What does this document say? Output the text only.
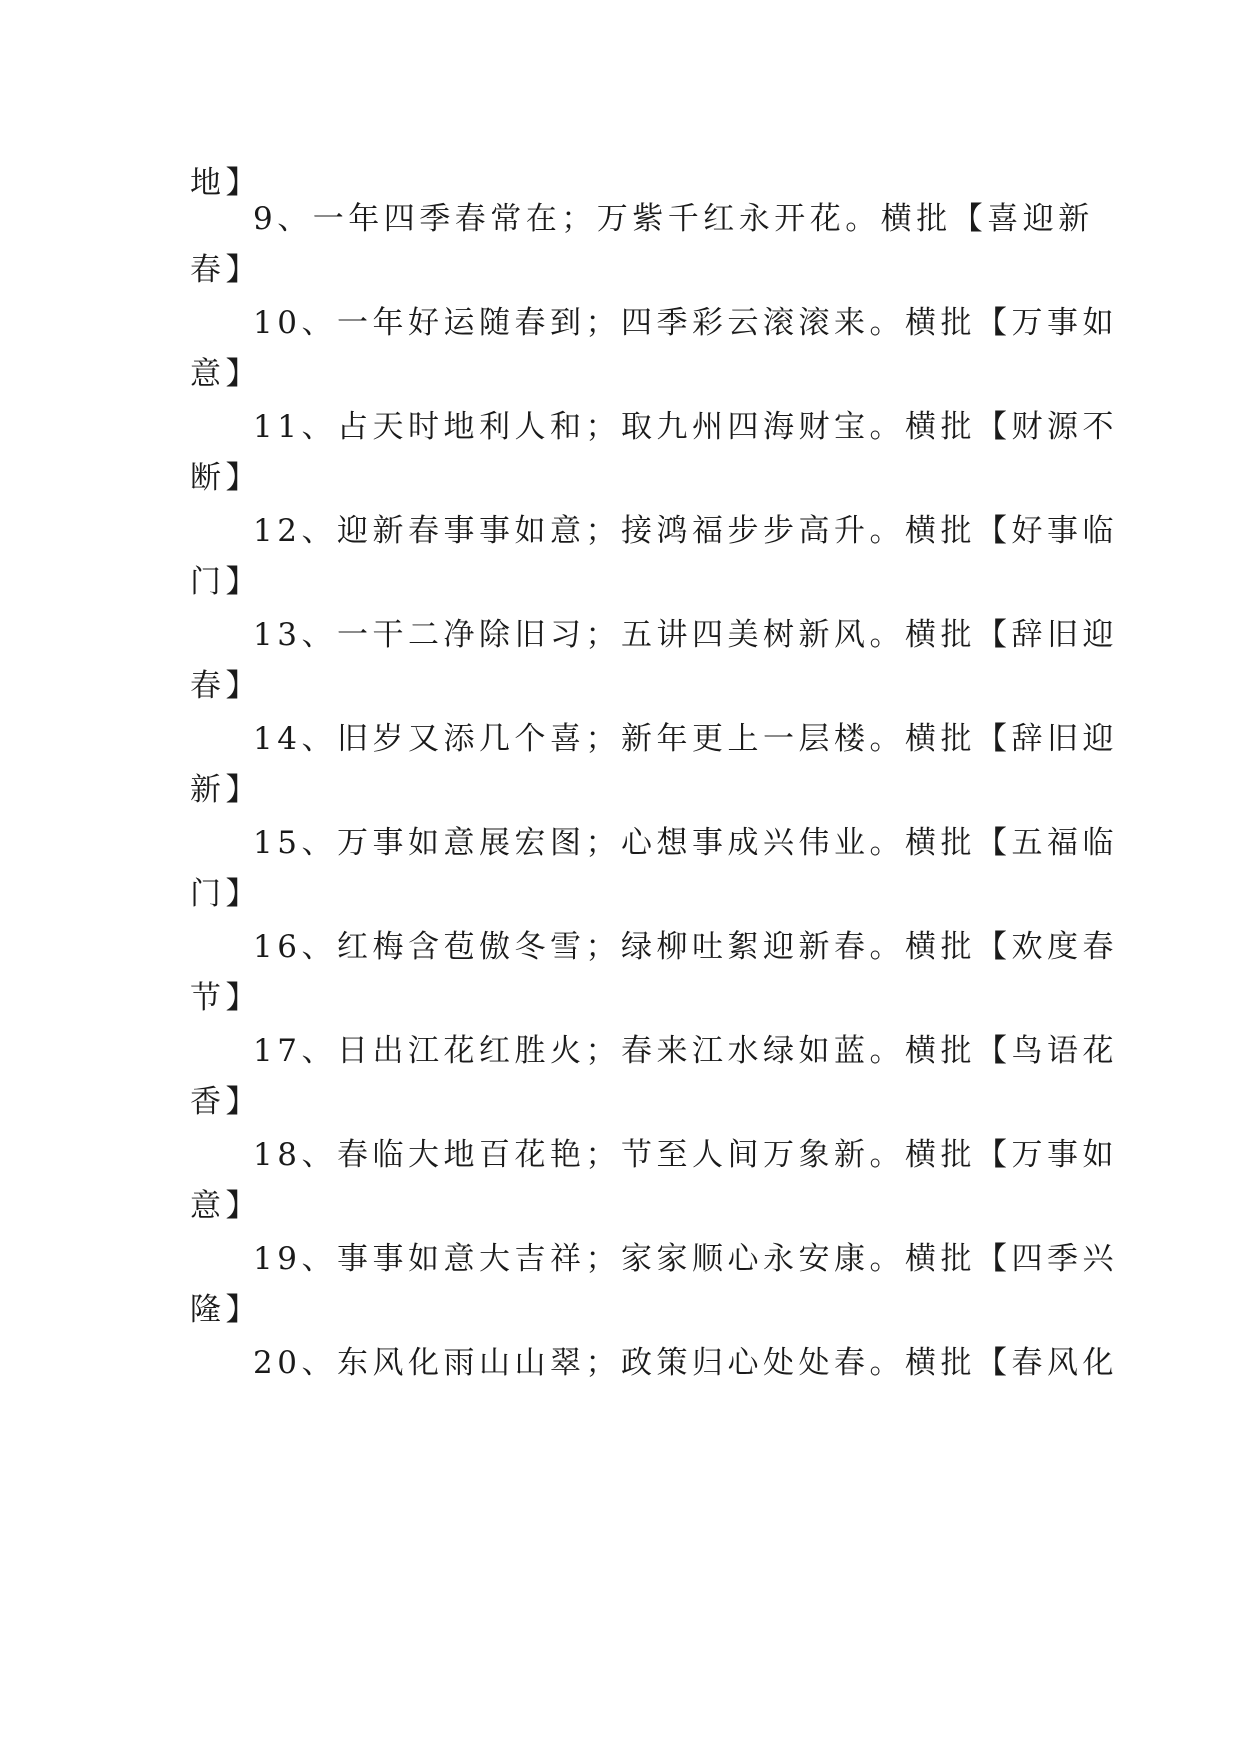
地】
9、一年四季春常在；万紫千红永开花。横批【喜迎新
春】
10、一年好运随春到；四季彩云滚滚来。横批【万事如
意】
11、占天时地利人和；取九州四海财宝。横批【财源不
断】
12、迎新春事事如意；接鸿福步步高升。横批【好事临
门】
13、一干二净除旧习；五讲四美树新风。横批【辞旧迎
春】
14、旧岁又添几个喜；新年更上一层楼。横批【辞旧迎
新】
15、万事如意展宏图；心想事成兴伟业。横批【五福临
门】
16、红梅含苞傲冬雪；绿柳吐絮迎新春。横批【欢度春
节】
17、日出江花红胜火；春来江水绿如蓝。横批【鸟语花
香】
18、春临大地百花艳；节至人间万象新。横批【万事如
意】
19、事事如意大吉祥；家家顺心永安康。横批【四季兴
隆】
20、东风化雨山山翠；政策归心处处春。横批【春风化
